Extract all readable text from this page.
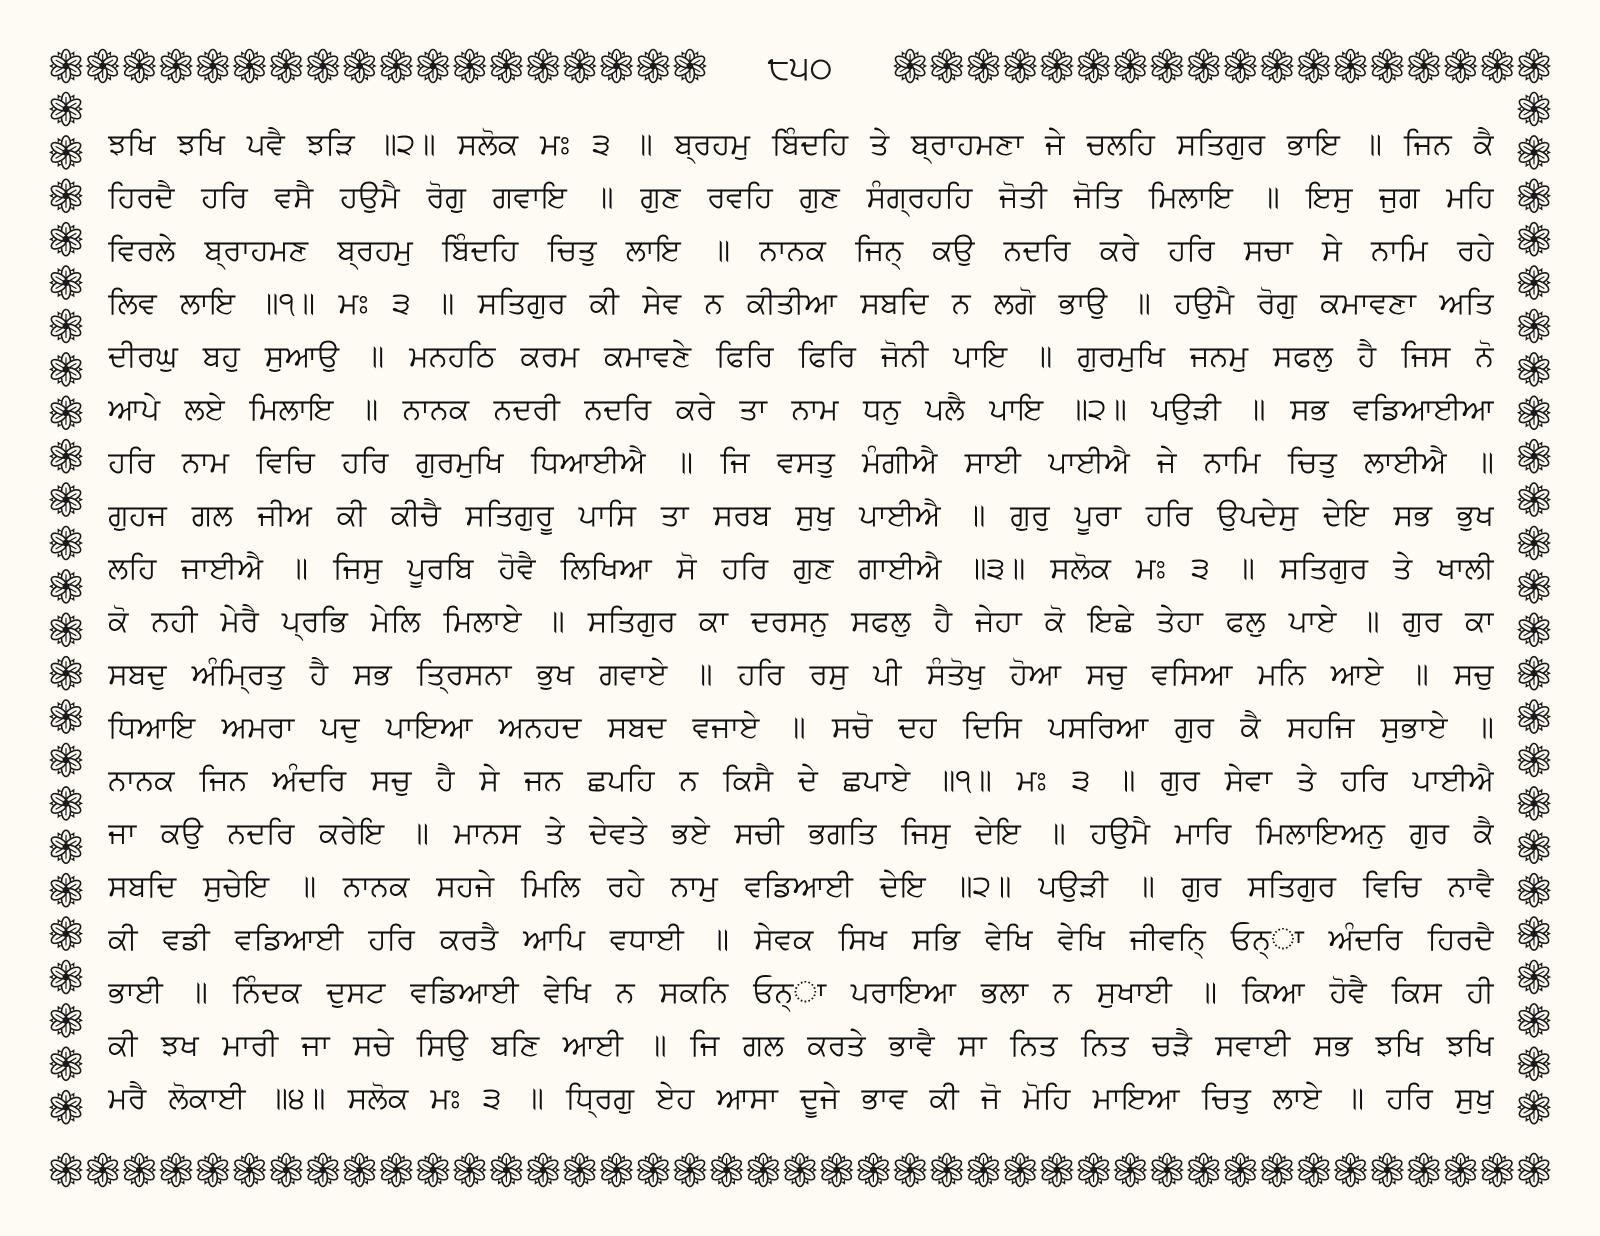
੮੫੦
ਝਖਿ ਝਖਿ ਪਵੈ ਝੜਿ ॥੨॥ ਸਲੋਕ ਮਃ ੩ ॥ ਬ੍ਰਹਮੁ ਬਿੰਦਹਿ ਤੇ ਬ੍ਰਾਹਮਣਾ ਜੇ ਚਲਹਿ ਸਤਿਗੁਰ ਭਾਇ ॥ ਜਿਨ ਕੈ
ਹਿਰਦੈ ਹਰਿ ਵਸੈ ਹਉਮੈ ਰੋਗੁ ਗਵਾਇ ॥ ਗੁਣ ਰਵਹਿ ਗੁਣ ਸੰਗ੍ਰਹਹਿ ਜੋਤੀ ਜੋਤਿ ਮਿਲਾਇ ॥ ਇਸੁ ਜੁਗ ਮਹਿ
ਵਿਰਲੇ ਬ੍ਰਾਹਮਣ ਬ੍ਰਹਮੁ ਬਿੰਦਹਿ ਚਿਤੁ ਲਾਇ ॥ ਨਾਨਕ ਜਿਨ੍ ਕਉ ਨਦਰਿ ਕਰੇ ਹਰਿ ਸਚਾ ਸੇ ਨਾਮਿ ਰਹੇ
ਲਿਵ ਲਾਇ ॥੧॥ ਮਃ ੩ ॥ ਸਤਿਗੁਰ ਕੀ ਸੇਵ ਨ ਕੀਤੀਆ ਸਬਦਿ ਨ ਲਗੋ ਭਾਉ ॥ ਹਉਮੈ ਰੋਗੁ ਕਮਾਵਣਾ ਅਤਿ
ਦੀਰਘੁ ਬਹੁ ਸੁਆਉ ॥ ਮਨਹਠਿ ਕਰਮ ਕਮਾਵਣੇ ਫਿਰਿ ਫਿਰਿ ਜੋਨੀ ਪਾਇ ॥ ਗੁਰਮੁਖਿ ਜਨਮੁ ਸਫਲੁ ਹੈ ਜਿਸ ਨੋ
ਆਪੇ ਲਏ ਮਿਲਾਇ ॥ ਨਾਨਕ ਨਦਰੀ ਨਦਰਿ ਕਰੇ ਤਾ ਨਾਮ ਧਨੁ ਪਲੈ ਪਾਇ ॥੨॥ ਪਉੜੀ ॥ ਸਭ ਵਡਿਆਈਆ
ਹਰਿ ਨਾਮ ਵਿਚਿ ਹਰਿ ਗੁਰਮੁਖਿ ਧਿਆਈਐ ॥ ਜਿ ਵਸਤੁ ਮੰਗੀਐ ਸਾਈ ਪਾਈਐ ਜੇ ਨਾਮਿ ਚਿਤੁ ਲਾਈਐ ॥
ਗੁਹਜ ਗਲ ਜੀਅ ਕੀ ਕੀਚੈ ਸਤਿਗੁਰੂ ਪਾਸਿ ਤਾ ਸਰਬ ਸੁਖੁ ਪਾਈਐ ॥ ਗੁਰੁ ਪੂਰਾ ਹਰਿ ਉਪਦੇਸੁ ਦੇਇ ਸਭ ਭੁਖ
ਲਹਿ ਜਾਈਐ ॥ ਜਿਸੁ ਪੂਰਬਿ ਹੋਵੈ ਲਿਖਿਆ ਸੋ ਹਰਿ ਗੁਣ ਗਾਈਐ ॥੩॥ ਸਲੋਕ ਮਃ ੩ ॥ ਸਤਿਗੁਰ ਤੇ ਖਾਲੀ
ਕੋ ਨਹੀ ਮੇਰੈ ਪ੍ਰਭਿ ਮੇਲਿ ਮਿਲਾਏ ॥ ਸਤਿਗੁਰ ਕਾ ਦਰਸਨੁ ਸਫਲੁ ਹੈ ਜੇਹਾ ਕੋ ਇਛੇ ਤੇਹਾ ਫਲੁ ਪਾਏ ॥ ਗੁਰ ਕਾ
ਸਬਦੁ ਅੰਮ੍ਰਿਤੁ ਹੈ ਸਭ ਤ੍ਰਿਸਨਾ ਭੁਖ ਗਵਾਏ ॥ ਹਰਿ ਰਸੁ ਪੀ ਸੰਤੋਖੁ ਹੋਆ ਸਚੁ ਵਸਿਆ ਮਨਿ ਆਏ ॥ ਸਚੁ
ਧਿਆਇ ਅਮਰਾ ਪਦੁ ਪਾਇਆ ਅਨਹਦ ਸਬਦ ਵਜਾਏ ॥ ਸਚੋ ਦਹ ਦਿਸਿ ਪਸਰਿਆ ਗੁਰ ਕੈ ਸਹਜਿ ਸੁਭਾਏ ॥
ਨਾਨਕ ਜਿਨ ਅੰਦਰਿ ਸਚੁ ਹੈ ਸੇ ਜਨ ਛਪਹਿ ਨ ਕਿਸੈ ਦੇ ਛਪਾਏ ॥੧॥ ਮਃ ੩ ॥ ਗੁਰ ਸੇਵਾ ਤੇ ਹਰਿ ਪਾਈਐ
ਜਾ ਕਉ ਨਦਰਿ ਕਰੇਇ ॥ ਮਾਨਸ ਤੇ ਦੇਵਤੇ ਭਏ ਸਚੀ ਭਗਤਿ ਜਿਸੁ ਦੇਇ ॥ ਹਉਮੈ ਮਾਰਿ ਮਿਲਾਇਅਨੁ ਗੁਰ ਕੈ
ਸਬਦਿ ਸੁਚੇਇ ॥ ਨਾਨਕ ਸਹਜੇ ਮਿਲਿ ਰਹੇ ਨਾਮੁ ਵਡਿਆਈ ਦੇਇ ॥੨॥ ਪਉੜੀ ॥ ਗੁਰ ਸਤਿਗੁਰ ਵਿਚਿ ਨਾਵੈ
ਕੀ ਵਡੀ ਵਡਿਆਈ ਹਰਿ ਕਰਤੈ ਆਪਿ ਵਧਾਈ ॥ ਸੇਵਕ ਸਿਖ ਸਭਿ ਵੇਖਿ ਵੇਖਿ ਜੀਵਨਿ੍ ਓਨ੍ਾ ਅੰਦਰਿ ਹਿਰਦੈ
ਭਾਈ ॥ ਨਿੰਦਕ ਦੁਸਟ ਵਡਿਆਈ ਵੇਖਿ ਨ ਸਕਨਿ ਓਨ੍ਾ ਪਰਾਇਆ ਭਲਾ ਨ ਸੁਖਾਈ ॥ ਕਿਆ ਹੋਵੈ ਕਿਸ ਹੀ
ਕੀ ਝਖ ਮਾਰੀ ਜਾ ਸਚੇ ਸਿਉ ਬਣਿ ਆਈ ॥ ਜਿ ਗਲ ਕਰਤੇ ਭਾਵੈ ਸਾ ਨਿਤ ਨਿਤ ਚੜੈ ਸਵਾਈ ਸਭ ਝਖਿ ਝਖਿ
ਮਰੈ ਲੋਕਾਈ ॥੪॥ ਸਲੋਕ ਮਃ ੩ ॥ ਧ੍ਰਿਗੁ ਏਹ ਆਸਾ ਦੂਜੇ ਭਾਵ ਕੀ ਜੋ ਮੋਹਿ ਮਾਇਆ ਚਿਤੁ ਲਾਏ ॥ ਹਰਿ ਸੁਖੁ
